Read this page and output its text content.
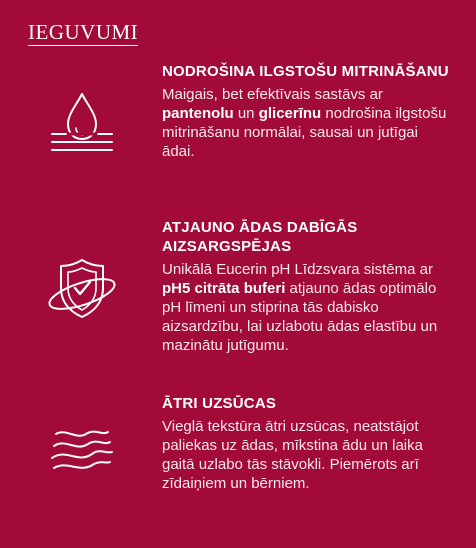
IEGUVUMI
NODROŠINA ILGSTOŠU MITRINĀŠANU

Maigais, bet efektīvais sastāvs ar pantenolu un glicerīnu nodrošina ilgstošu mitrināšanu normālai, sausai un jutīgai ādai.

ATJAUNO ĀDAS DABĪGĀS AIZSARGSPĒJAS

Unikālā Eucerin pH Līdzsvara sistēma ar pH5 citrāta buferi atjauno ādas optimālo pH līmeni un stiprina tās dabisko aizsardzību, lai uzlabotu ādas elastību un mazinātu jutīgumu.

ĀTRI UZSŪCAS

Vieglā tekstūra ātri uzsūcas, neatstājot paliekas uz ādas, mīkstina ādu un laika gaitā uzlabo tās stāvokli. Piemērots arī zīdaiņiem un bērniem.
